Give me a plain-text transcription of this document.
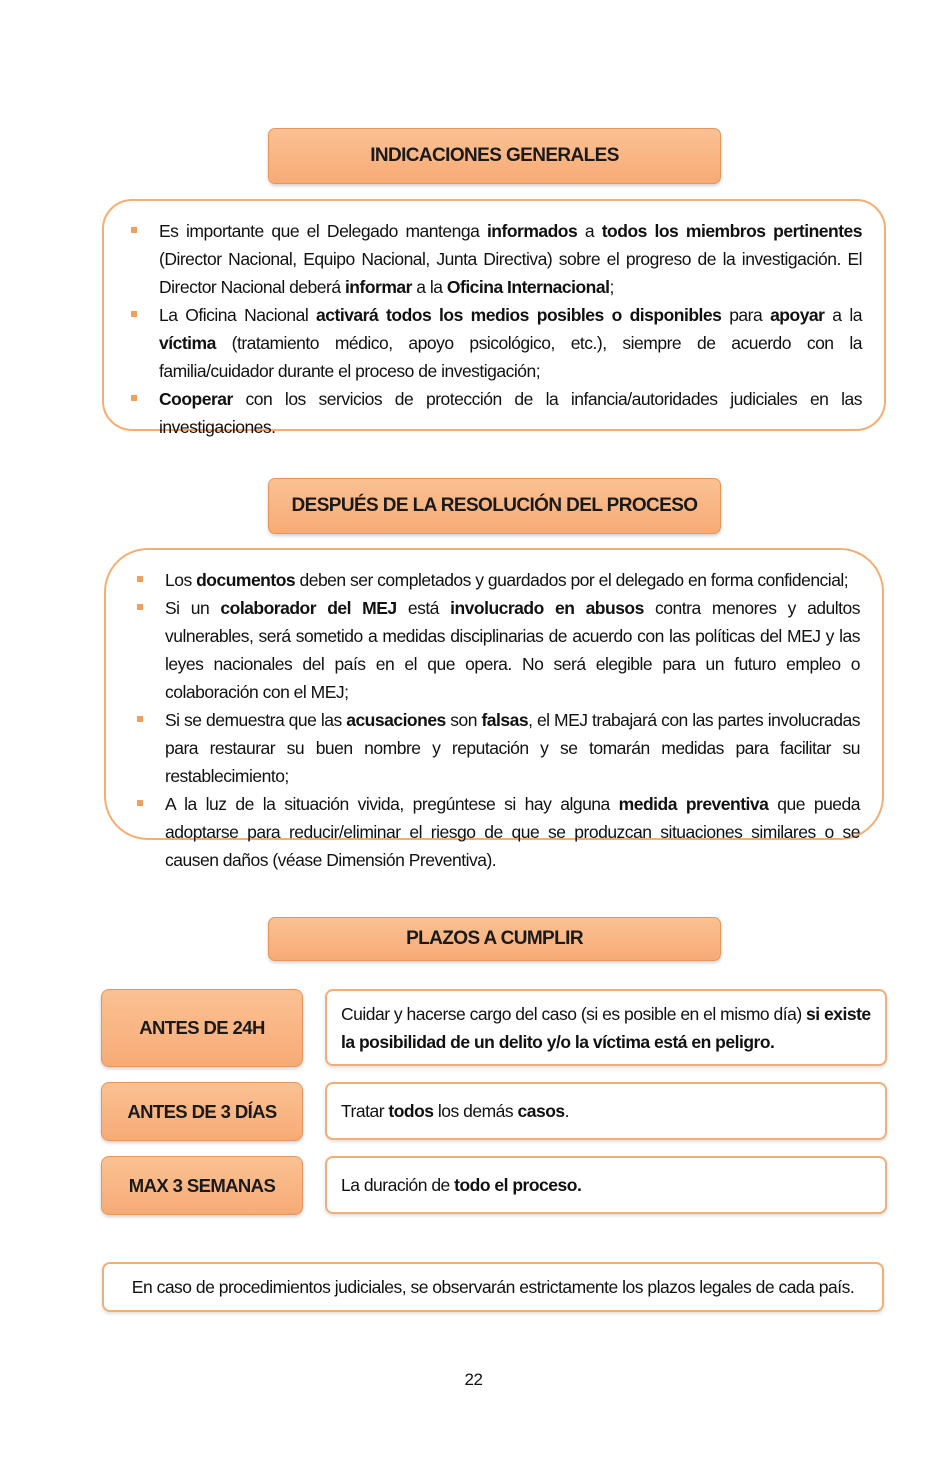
INDICACIONES GENERALES
Es importante que el Delegado mantenga informados a todos los miembros pertinentes (Director Nacional, Equipo Nacional, Junta Directiva) sobre el progreso de la investigación. El Director Nacional deberá informar a la Oficina Internacional;
La Oficina Nacional activará todos los medios posibles o disponibles para apoyar a la víctima (tratamiento médico, apoyo psicológico, etc.), siempre de acuerdo con la familia/cuidador durante el proceso de investigación;
Cooperar con los servicios de protección de la infancia/autoridades judiciales en las investigaciones.
DESPUÉS DE LA RESOLUCIÓN DEL PROCESO
Los documentos deben ser completados y guardados por el delegado en forma confidencial;
Si un colaborador del MEJ está involucrado en abusos contra menores y adultos vulnerables, será sometido a medidas disciplinarias de acuerdo con las políticas del MEJ y las leyes nacionales del país en el que opera. No será elegible para un futuro empleo o colaboración con el MEJ;
Si se demuestra que las acusaciones son falsas, el MEJ trabajará con las partes involucradas para restaurar su buen nombre y reputación y se tomarán medidas para facilitar su restablecimiento;
A la luz de la situación vivida, pregúntese si hay alguna medida preventiva que pueda adoptarse para reducir/eliminar el riesgo de que se produzcan situaciones similares o se causen daños (véase Dimensión Preventiva).
PLAZOS A CUMPLIR
ANTES DE 24H
Cuidar y hacerse cargo del caso (si es posible en el mismo día) si existe la posibilidad de un delito y/o la víctima está en peligro.
ANTES DE 3 DÍAS	Tratar todos los demás casos.
MAX 3 SEMANAS	La duración de todo el proceso.
En caso de procedimientos judiciales, se observarán estrictamente los plazos legales de cada país.
22
